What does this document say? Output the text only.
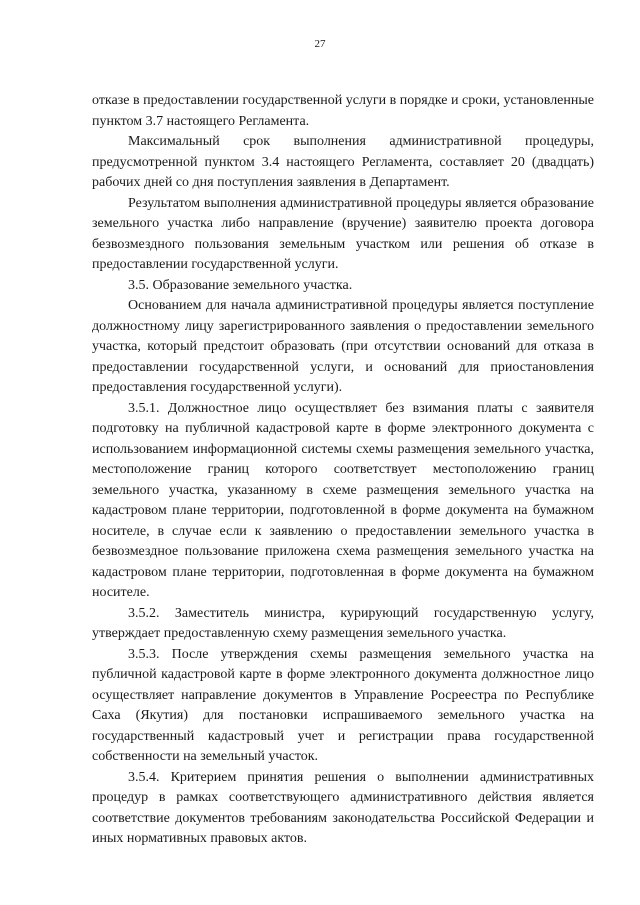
27

отказе в предоставлении государственной услуги в порядке и сроки, установленные пунктом 3.7 настоящего Регламента.

Максимальный срок выполнения административной процедуры, предусмотренной пунктом 3.4 настоящего Регламента, составляет 20 (двадцать) рабочих дней со дня поступления заявления в Департамент.

Результатом выполнения административной процедуры является образование земельного участка либо направление (вручение) заявителю проекта договора безвозмездного пользования земельным участком или решения об отказе в предоставлении государственной услуги.

3.5. Образование земельного участка.

Основанием для начала административной процедуры является поступление должностному лицу зарегистрированного заявления о предоставлении земельного участка, который предстоит образовать (при отсутствии оснований для отказа в предоставлении государственной услуги, и оснований для приостановления предоставления государственной услуги).

3.5.1. Должностное лицо осуществляет без взимания платы с заявителя подготовку на публичной кадастровой карте в форме электронного документа с использованием информационной системы схемы размещения земельного участка, местоположение границ которого соответствует местоположению границ земельного участка, указанному в схеме размещения земельного участка на кадастровом плане территории, подготовленной в форме документа на бумажном носителе, в случае если к заявлению о предоставлении земельного участка в безвозмездное пользование приложена схема размещения земельного участка на кадастровом плане территории, подготовленная в форме документа на бумажном носителе.

3.5.2. Заместитель министра, курирующий государственную услугу, утверждает предоставленную схему размещения земельного участка.

3.5.3. После утверждения схемы размещения земельного участка на публичной кадастровой карте в форме электронного документа должностное лицо осуществляет направление документов в Управление Росреестра по Республике Саха (Якутия) для постановки испрашиваемого земельного участка на государственный кадастровый учет и регистрации права государственной собственности на земельный участок.

3.5.4. Критерием принятия решения о выполнении административных процедур в рамках соответствующего административного действия является соответствие документов требованиям законодательства Российской Федерации и иных нормативных правовых актов.
